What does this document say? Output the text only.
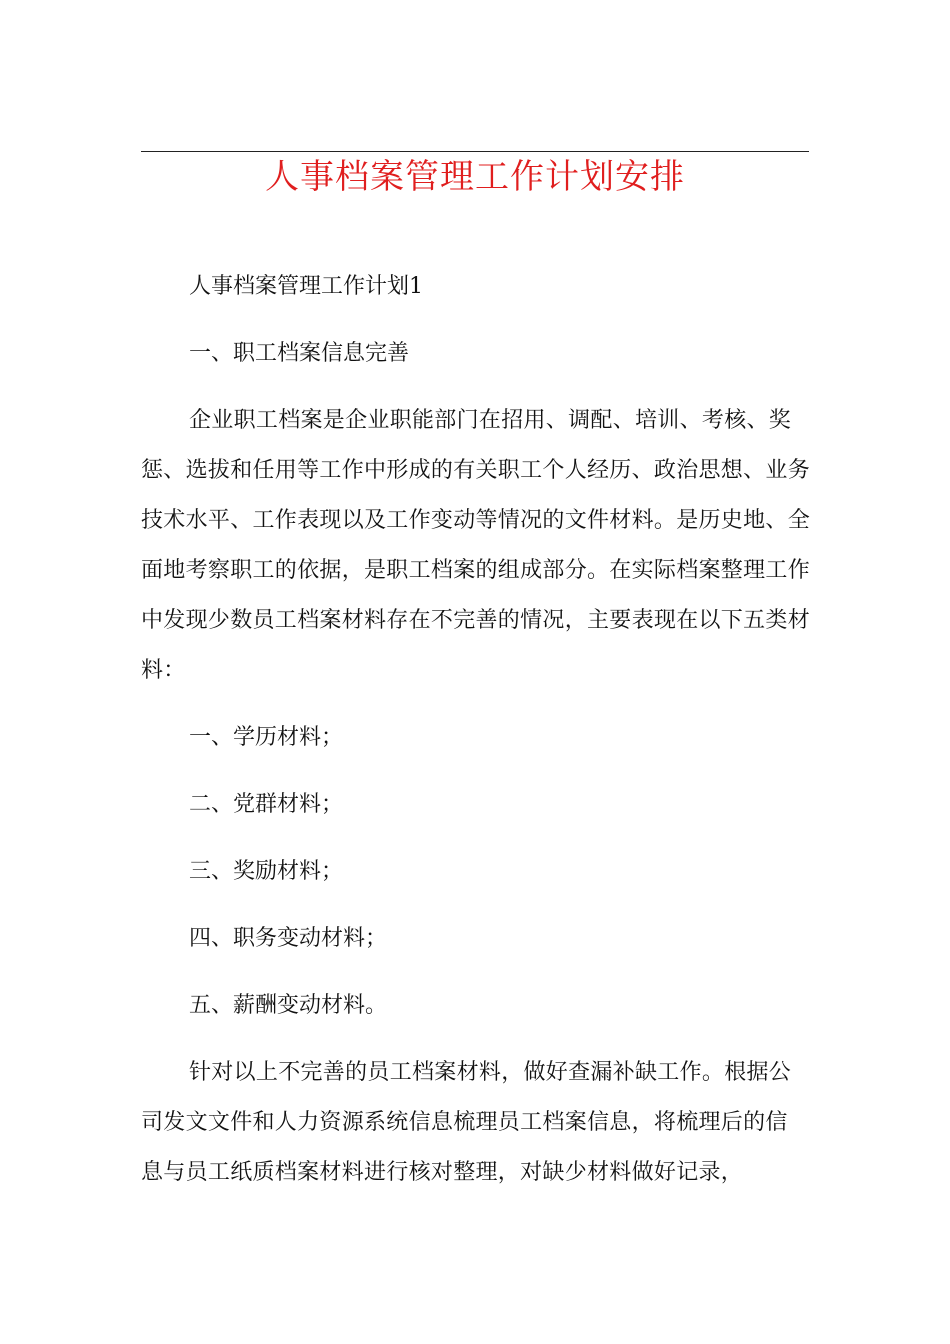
人事档案管理工作计划安排

人事档案管理工作计划1

一、职工档案信息完善

企业职工档案是企业职能部门在招用、调配、培训、考核、奖惩、选拔和任用等工作中形成的有关职工个人经历、政治思想、业务技术水平、工作表现以及工作变动等情况的文件材料。是历史地、全面地考察职工的依据，是职工档案的组成部分。在实际档案整理工作中发现少数员工档案材料存在不完善的情况，主要表现在以下五类材料：

一、学历材料；

二、党群材料；

三、奖励材料；

四、职务变动材料；

五、薪酬变动材料。

针对以上不完善的员工档案材料，做好查漏补缺工作。根据公司发文文件和人力资源系统信息梳理员工档案信息，将梳理后的信息与员工纸质档案材料进行核对整理，对缺少材料做好记录，
